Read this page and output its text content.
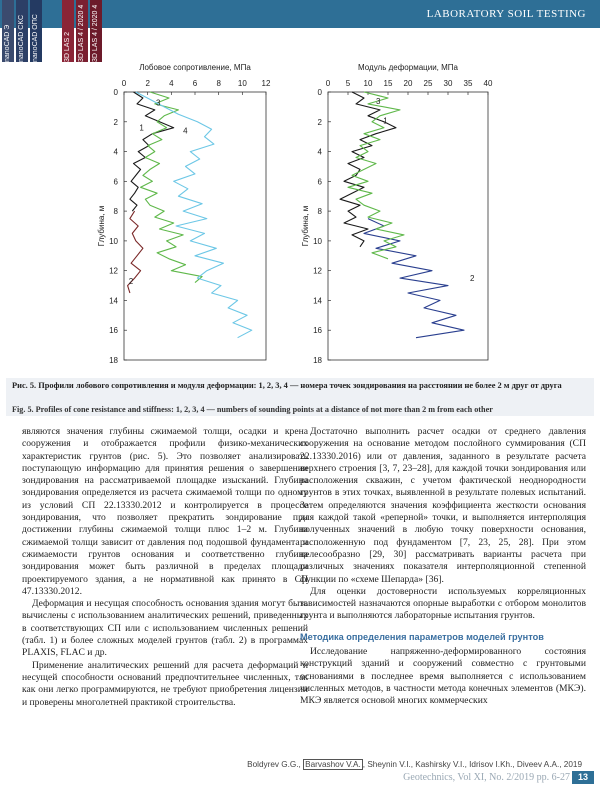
LABORATORY SOIL TESTING
nanoCAD Э	nanoCAD CKC	nanoCAD ОПС	3D LAS 2	3D LAS 4 / 2020 4
3D LAS 4 / 2020 4
Лобовое сопротивление, МПа
0 2 4 6 8 10 12
0
2
4
6
8
10
12
14
16
18
Глубина, м
1
2
3
4
Модуль деформации, МПа
0 5 10 15 20 25 30 35 40
0
2
4
6
8
10
12
14
16
18
Глубина, м
1
2
3
Рис. 5. Профили лобового сопротивления и модуля деформации: 1, 2, 3, 4 — номера точек зондирования на расстоянии не более 2 м друг от друга
Fig. 5. Profiles of cone resistance and stiffness: 1, 2, 3, 4 — numbers of sounding points at a distance of not more than 2 m from each other

являются значения глубины сжимаемой толщи, осадки и крена сооружения и отображается профили физико-механических характеристик грунтов (рис. 5). Это позволяет анализировать поступающую информацию для принятия решения о завершении зондирования на рассматриваемой площадке изысканий. Глубина зондирования определяется из расчета сжимаемой толщи по одному из условий СП 22.13330.2012 и контролируется в процессе зондирования, что позволяет прекратить зондирование при достижении глубины сжимаемой толщи плюс 1–2 м. Глубина сжимаемой толщи зависит от давления под подошвой фундамента и сжимаемости грунтов основания и соответственно глубина зондирования может быть различной в пределах площади проектируемого здания, а не нормативной как принято в СП 47.13330.2012.

Деформация и несущая способность основания здания могут быть вычислены с использованием аналитических решений, приведенных в соответствующих СП или с использованием численных решений (табл. 1) и более сложных моделей грунтов (табл. 2) в программах PLAXIS, FLAC и др.

Применение аналитических решений для расчета деформаций и несущей способности оснований предпочтительнее численных, так как они легко программируются, не требуют приобретения лицензии и проверены многолетней практикой строительства.

Достаточно выполнить расчет осадки от среднего давления сооружения на основание методом послойного суммирования (СП 22.13330.2016) или от давления, заданного в результате расчета верхнего строения [3, 7, 23–28], для каждой точки зондирования или расположения скважин, с учетом фактической неоднородности грунтов в этих точках, выявленной в результате полевых испытаний. Затем определяются значения коэффициента жесткости основания для каждой такой «реперной» точки, и выполняется интерполяция полученных значений в любую точку поверхности основания, расположенную под фундаментом [7, 23, 25, 28]. При этом целесообразно [29, 30] рассматривать варианты расчета при различных значениях показателя интерполяционной степенной функции по «схеме Шепарда» [36].

Для оценки достоверности используемых корреляционных зависимостей назначаются опорные выработки с отбором монолитов грунта и выполняются лабораторные испытания грунтов.

Методика определения параметров моделей грунтов

Исследование напряженно-деформированного состояния конструкций зданий и сооружений совместно с грунтовыми основаниями в последнее время выполняется с использованием численных методов, в частности метода конечных элементов (МКЭ). МКЭ является основой многих коммерческих

Boldyrev G.G., Barvashov V.A. , Sheynin V.I., Kashirsky V.I., Idrisov I.Kh., Diveev A.A., 2019
Geotechnics, Vol XI, No. 2/2019 pp. 6-27 13
